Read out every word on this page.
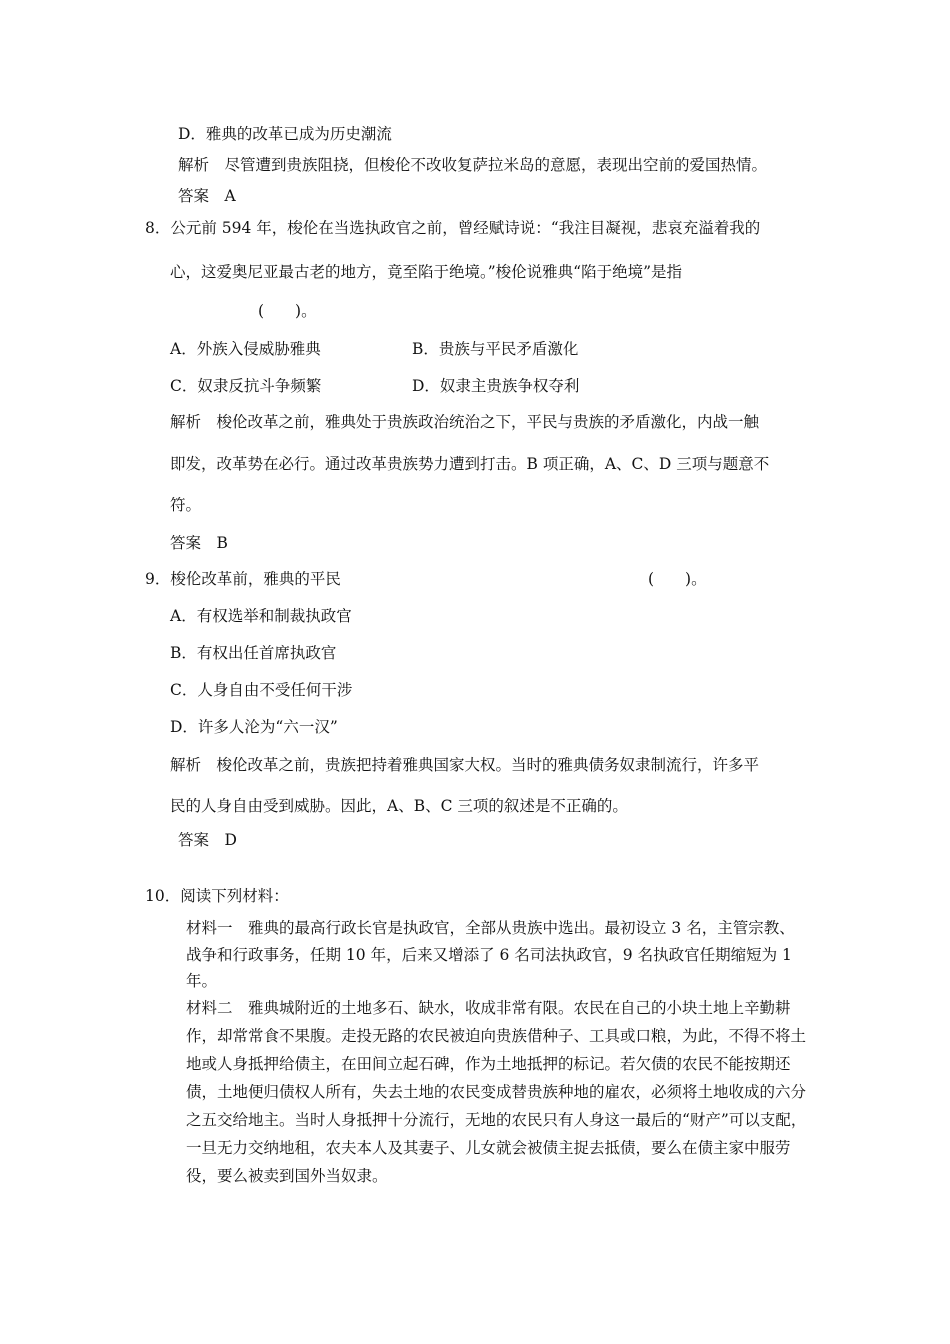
D．雅典的改革已成为历史潮流
解析　尽管遭到贵族阻挠，但梭伦不改收复萨拉米岛的意愿，表现出空前的爱国热情。
答案　A
8．公元前 594 年，梭伦在当选执政官之前，曾经赋诗说：“我注目凝视，悲哀充溢着我的
心，这爱奥尼亚最古老的地方，竟至陷于绝境。”梭伦说雅典“陷于绝境”是指
(　　)。
A．外族入侵威胁雅典	B．贵族与平民矛盾激化
C．奴隶反抗斗争频繁	D．奴隶主贵族争权夺利
解析　梭伦改革之前，雅典处于贵族政治统治之下，平民与贵族的矛盾激化，内战一触
即发，改革势在必行。通过改革贵族势力遭到打击。B 项正确，A、C、D 三项与题意不
符。
答案　B
9．梭伦改革前，雅典的平民	(　　)。
A．有权选举和制裁执政官
B．有权出任首席执政官
C．人身自由不受任何干涉
D．许多人沦为“六一汉”
解析　梭伦改革之前，贵族把持着雅典国家大权。当时的雅典债务奴隶制流行，许多平
民的人身自由受到威胁。因此，A、B、C 三项的叙述是不正确的。
答案　D
10．阅读下列材料：
材料一　雅典的最高行政长官是执政官，全部从贵族中选出。最初设立 3 名，主管宗教、战争和行政事务，任期 10 年，后来又增添了 6 名司法执政官，9 名执政官任期缩短为 1 年。
材料二　雅典城附近的土地多石、缺水，收成非常有限。农民在自己的小块土地上辛勤耕作，却常常食不果腹。走投无路的农民被迫向贵族借种子、工具或口粮，为此，不得不将土地或人身抵押给债主，在田间立起石碑，作为土地抵押的标记。若欠债的农民不能按期还债，土地便归债权人所有，失去土地的农民变成替贵族种地的雇农，必须将土地收成的六分之五交给地主。当时人身抵押十分流行，无地的农民只有人身这一最后的“财产”可以支配，一旦无力交纳地租，农夫本人及其妻子、儿女就会被债主捉去抵债，要么在债主家中服劳役，要么被卖到国外当奴隶。
